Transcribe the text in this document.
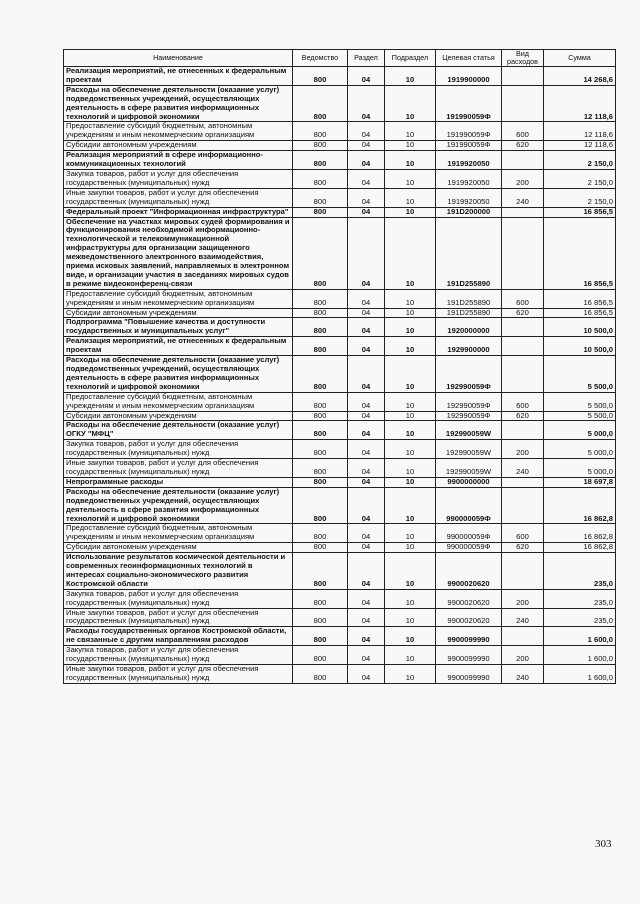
Наименование	Ведомство	Раздел	Подраздел	Целевая статья	Вид расходов	Сумма
Реализация мероприятий, не отнесенных к федеральным проектам	800	04	10	1919900000		14 268,6
Расходы на обеспечение деятельности (оказание услуг) подведомственных учреждений, осуществляющих деятельность в сфере развития информационных технологий и цифровой экономики	800	04	10	191990059Ф		12 118,6
Предоставление субсидий бюджетным, автономным учреждениям и иным некоммерческим организациям	800	04	10	191990059Ф	600	12 118,6
Субсидии автономным учреждениям	800	04	10	191990059Ф	620	12 118,6
Реализация мероприятий в сфере информационно-коммуникационных технологий	800	04	10	1919920050		2 150,0
Закупка товаров, работ и услуг для обеспечения государственных (муниципальных) нужд	800	04	10	1919920050	200	2 150,0
Иные закупки товаров, работ и услуг для обеспечения государственных (муниципальных) нужд	800	04	10	1919920050	240	2 150,0
Федеральный проект "Информационная инфраструктура"	800	04	10	191D200000		16 856,5
Обеспечение на участках мировых судей формирования и функционирования необходимой информационно-технологической и телекоммуникационной инфраструктуры для организации защищенного межведомственного электронного взаимодействия, приема исковых заявлений, направляемых в электронном виде, и организации участия в заседаниях мировых судов в режиме видеоконференц-связи	800	04	10	191D255890		16 856,5
Предоставление субсидий бюджетным, автономным учреждениям и иным некоммерческим организациям	800	04	10	191D255890	600	16 856,5
Субсидии автономным учреждениям	800	04	10	191D255890	620	16 856,5
Подпрограмма "Повышение качества и доступности государственных и муниципальных услуг"	800	04	10	1920000000		10 500,0
Реализация мероприятий, не отнесенных к федеральным проектам	800	04	10	1929900000		10 500,0
Расходы на обеспечение деятельности (оказание услуг) подведомственных учреждений, осуществляющих деятельность в сфере развития информационных технологий и цифровой экономики	800	04	10	192990059Ф		5 500,0
Предоставление субсидий бюджетным, автономным учреждениям и иным некоммерческим организациям	800	04	10	192990059Ф	600	5 500,0
Субсидии автономным учреждениям	800	04	10	192990059Ф	620	5 500,0
Расходы на обеспечение деятельности (оказание услуг) ОГКУ "МФЦ"	800	04	10	192990059W		5 000,0
Закупка товаров, работ и услуг для обеспечения государственных (муниципальных) нужд	800	04	10	192990059W	200	5 000,0
Иные закупки товаров, работ и услуг для обеспечения государственных (муниципальных) нужд	800	04	10	192990059W	240	5 000,0
Непрограммные расходы	800	04	10	9900000000		18 697,8
Расходы на обеспечение деятельности (оказание услуг) подведомственных учреждений, осуществляющих деятельность в сфере развития информационных технологий и цифровой экономики	800	04	10	990000059Ф		16 862,8
Предоставление субсидий бюджетным, автономным учреждениям и иным некоммерческим организациям	800	04	10	990000059Ф	600	16 862,8
Субсидии автономным учреждениям	800	04	10	990000059Ф	620	16 862,8
Использование результатов космической деятельности и современных геоинформационных технологий в интересах социально-экономического развития Костромской области	800	04	10	9900020620		235,0
Закупка товаров, работ и услуг для обеспечения государственных (муниципальных) нужд	800	04	10	9900020620	200	235,0
Иные закупки товаров, работ и услуг для обеспечения государственных (муниципальных) нужд	800	04	10	9900020620	240	235,0
Расходы государственных органов Костромской области, не связанные с другим направлениям расходов	800	04	10	9900099990		1 600,0
Закупка товаров, работ и услуг для обеспечения государственных (муниципальных) нужд	800	04	10	9900099990	200	1 600,0
Иные закупки товаров, работ и услуг для обеспечения государственных (муниципальных) нужд	800	04	10	9900099990	240	1 600,0
303
